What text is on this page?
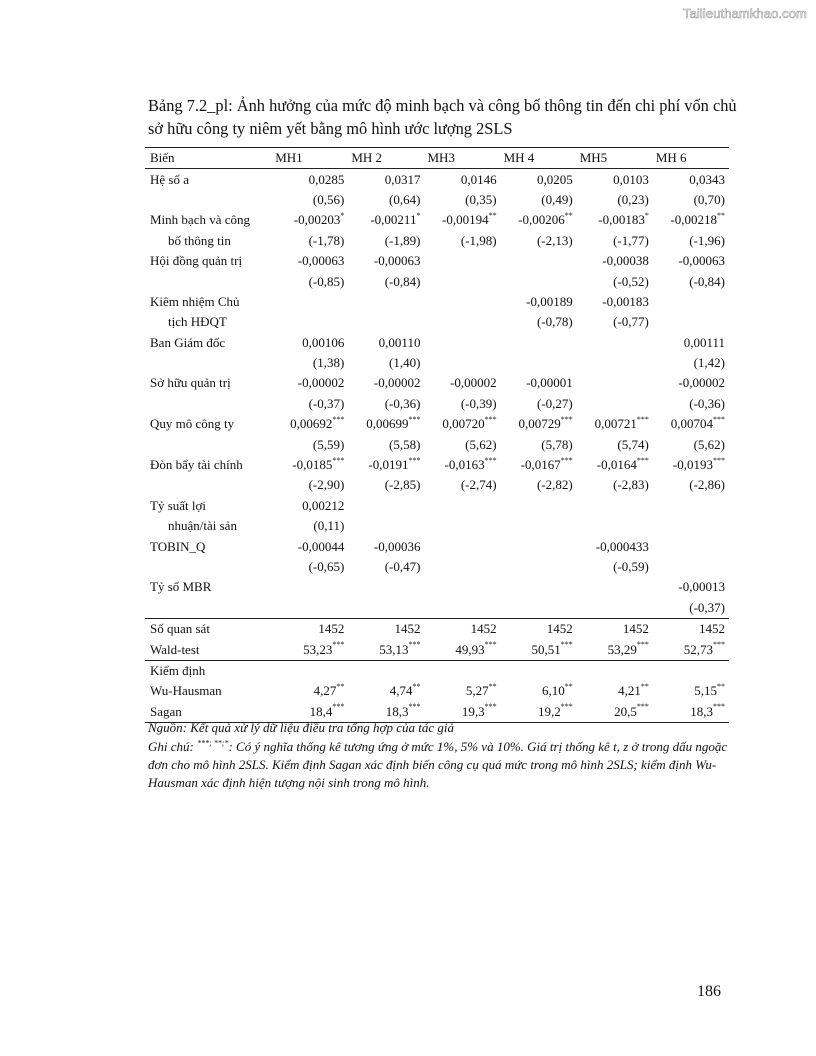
Tailieuthamkhao.com
Bảng 7.2_pl: Ảnh hưởng của mức độ minh bạch và công bố thông tin đến chi phí vốn chủ sở hữu công ty niêm yết bằng mô hình ước lượng 2SLS
Biến	MH1	MH 2	MH3	MH 4	MH5	MH 6
Hệ số a	0,0285	0,0317	0,0146	0,0205	0,0103	0,0343
	(0,56)	(0,64)	(0,35)	(0,49)	(0,23)	(0,70)
Minh bạch và công	-0,00203*	-0,00211*	-0,00194**	-0,00206**	-0,00183*	-0,00218**
bố thông tin	(-1,78)	(-1,89)	(-1,98)	(-2,13)	(-1,77)	(-1,96)
Hội đồng quản trị	-0,00063	-0,00063			-0,00038	-0,00063
	(-0,85)	(-0,84)			(-0,52)	(-0,84)
Kiêm nhiệm Chủ				-0,00189	-0,00183	
tịch HĐQT				(-0,78)	(-0,77)	
Ban Giám đốc	0,00106	0,00110				0,00111
	(1,38)	(1,40)				(1,42)
Sở hữu quản trị	-0,00002	-0,00002	-0,00002	-0,00001		-0,00002
	(-0,37)	(-0,36)	(-0,39)	(-0,27)		(-0,36)
Quy mô công ty	0,00692***	0,00699***	0,00720***	0,00729***	0,00721***	0,00704***
	(5,59)	(5,58)	(5,62)	(5,78)	(5,74)	(5,62)
Đòn bẩy tài chính	-0,0185***	-0,0191***	-0,0163***	-0,0167***	-0,0164***	-0,0193***
	(-2,90)	(-2,85)	(-2,74)	(-2,82)	(-2,83)	(-2,86)
Tỷ suất lợi	0,00212					
nhuận/tài sản	(0,11)					
TOBIN_Q	-0,00044	-0,00036			-0,000433	
	(-0,65)	(-0,47)			(-0,59)	
Tỷ số MBR						-0,00013
						(-0,37)
Số quan sát	1452	1452	1452	1452	1452	1452
Wald-test	53,23***	53,13***	49,93***	50,51***	53,29***	52,73***
Kiểm định						
Wu-Hausman	4,27**	4,74**	5,27**	6,10**	4,21**	5,15**
Sagan	18,4***	18,3***	19,3***	19,2***	20,5***	18,3***

Nguồn: Kết quả xử lý dữ liệu điều tra tổng hợp của tác giả

Ghi chú: ***; **;*: Có ý nghĩa thống kê tương ứng ở mức 1%, 5% và 10%. Giá trị thống kê t, z ở trong dấu ngoặc đơn cho mô hình 2SLS. Kiểm định Sagan xác định biến công cụ quá mức trong mô hình 2SLS; kiểm định Wu-Hausman xác định hiện tượng nội sinh trong mô hình.

186
